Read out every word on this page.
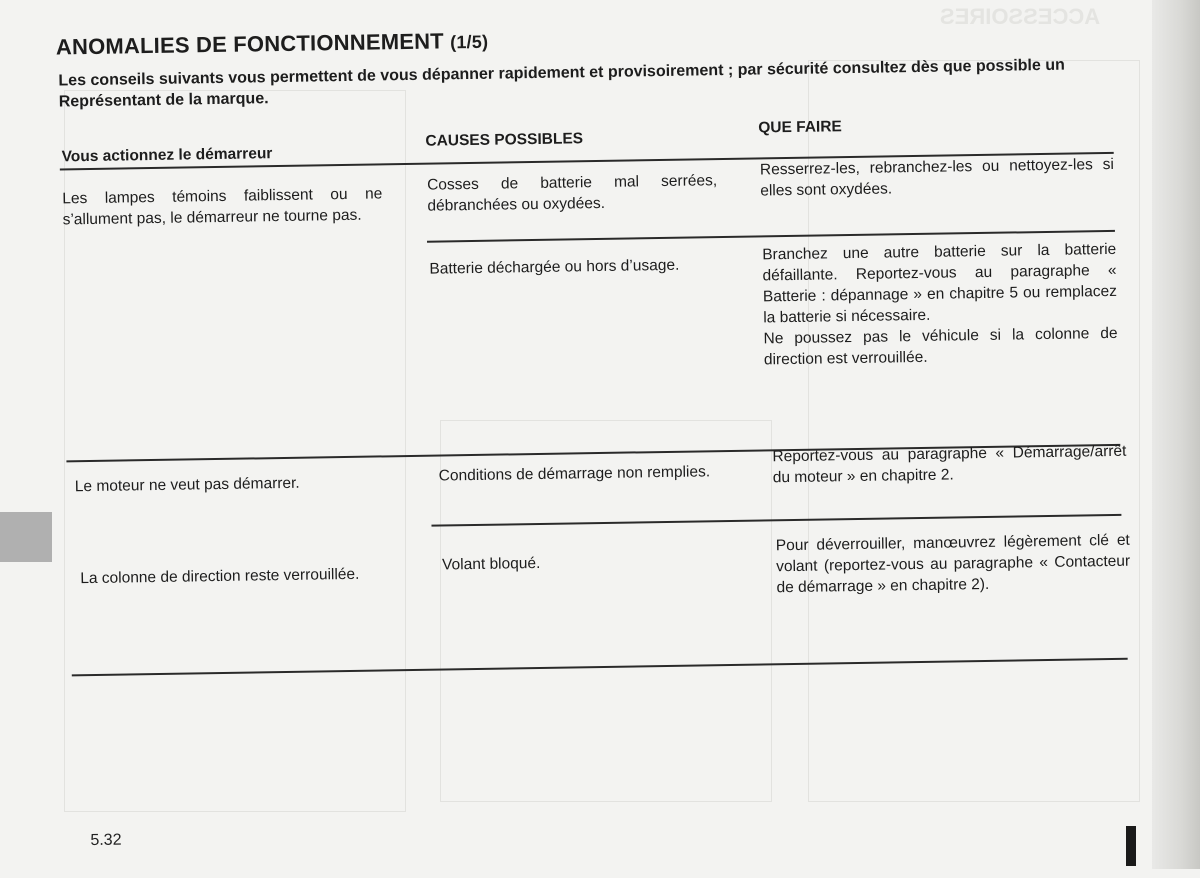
ACCESSOIRES
ANOMALIES DE FONCTIONNEMENT (1/5)
Les conseils suivants vous permettent de vous dépanner rapidement et provisoirement ; par sécurité consultez dès que possible un Représentant de la marque.
Vous actionnez le démarreur
CAUSES POSSIBLES
QUE FAIRE
Les lampes témoins faiblissent ou ne s’allument pas, le démarreur ne tourne pas.
Cosses de batterie mal serrées, débranchées ou oxydées.
Resserrez-les, rebranchez-les ou nettoyez-les si elles sont oxydées.
Batterie déchargée ou hors d’usage.
Branchez une autre batterie sur la batterie défaillante. Reportez-vous au paragraphe « Batterie : dépannage » en chapitre 5 ou remplacez la batterie si nécessaire.
Ne poussez pas le véhicule si la colonne de direction est verrouillée.
Le moteur ne veut pas démarrer.
Conditions de démarrage non remplies.
Reportez-vous au paragraphe « Démarrage/arrêt du moteur » en chapitre 2.
La colonne de direction reste verrouillée.
Volant bloqué.
Pour déverrouiller, manœuvrez légèrement clé et volant (reportez-vous au paragraphe « Contacteur de démarrage » en chapitre 2).
5.32
